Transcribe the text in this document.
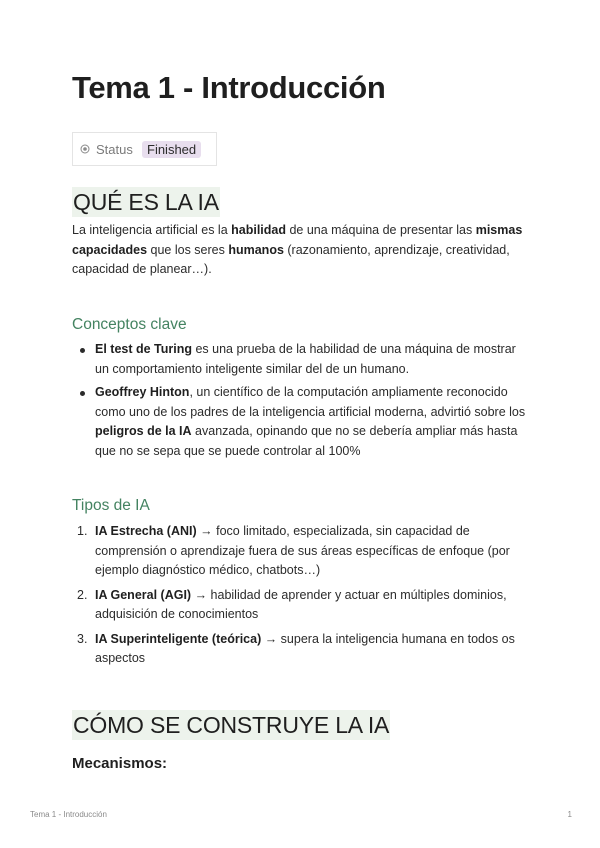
Tema 1 - Introducción
Status	Finished
QUÉ ES LA IA

La inteligencia artificial es la habilidad de una máquina de presentar las mismas capacidades que los seres humanos (razonamiento, aprendizaje, creatividad, capacidad de planear…).

Conceptos clave
El test de Turing es una prueba de la habilidad de una máquina de mostrar un comportamiento inteligente similar del de un humano.
Geoffrey Hinton, un científico de la computación ampliamente reconocido como uno de los padres de la inteligencia artificial moderna, advirtió sobre los peligros de la IA avanzada, opinando que no se debería ampliar más hasta que no se sepa que se puede controlar al 100%
Tipos de IA
1. IA Estrecha (ANI) → foco limitado, especializada, sin capacidad de comprensión o aprendizaje fuera de sus áreas específicas de enfoque (por ejemplo diagnóstico médico, chatbots…)
2. IA General (AGI) → habilidad de aprender y actuar en múltiples dominios, adquisición de conocimientos
3. IA Superinteligente (teórica) → supera la inteligencia humana en todos os aspectos
CÓMO SE CONSTRUYE LA IA
Mecanismos:
Tema 1 - Introducción	1
